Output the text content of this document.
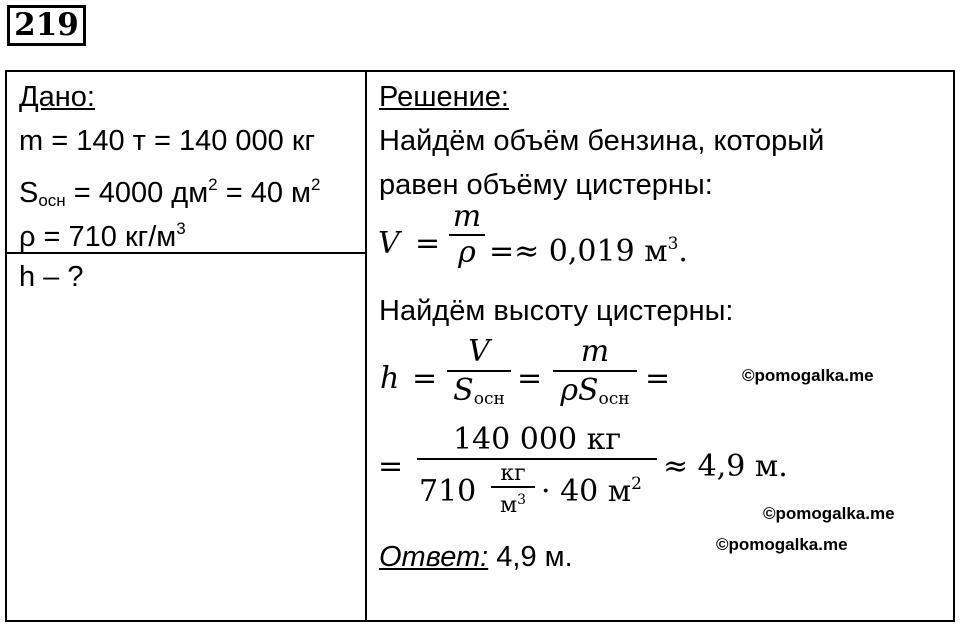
219
Дано:
m = 140 т = 140 000 кг
$S_{осн} = 4000$ $дм^2 = 40$ $м^2$
ρ = 710 $кг/м^3$
h – ?
Решение:
Найдём объём бензина, который
равен объёму цистерны:
V =
m
ρ =≈ 0,019 $м^3$.
Найдём высоту цистерны:
h =
V
$S_{осн}$
=
m
$\rho S_{осн}$
=
=
140 000 кг
710
кг
$м^3 \cdot 40$ $м^2 \approx 4,9$ м.
Ответ: 4,9 м.
©pomogalka.me
©pomogalka.me
©pomogalka.me
